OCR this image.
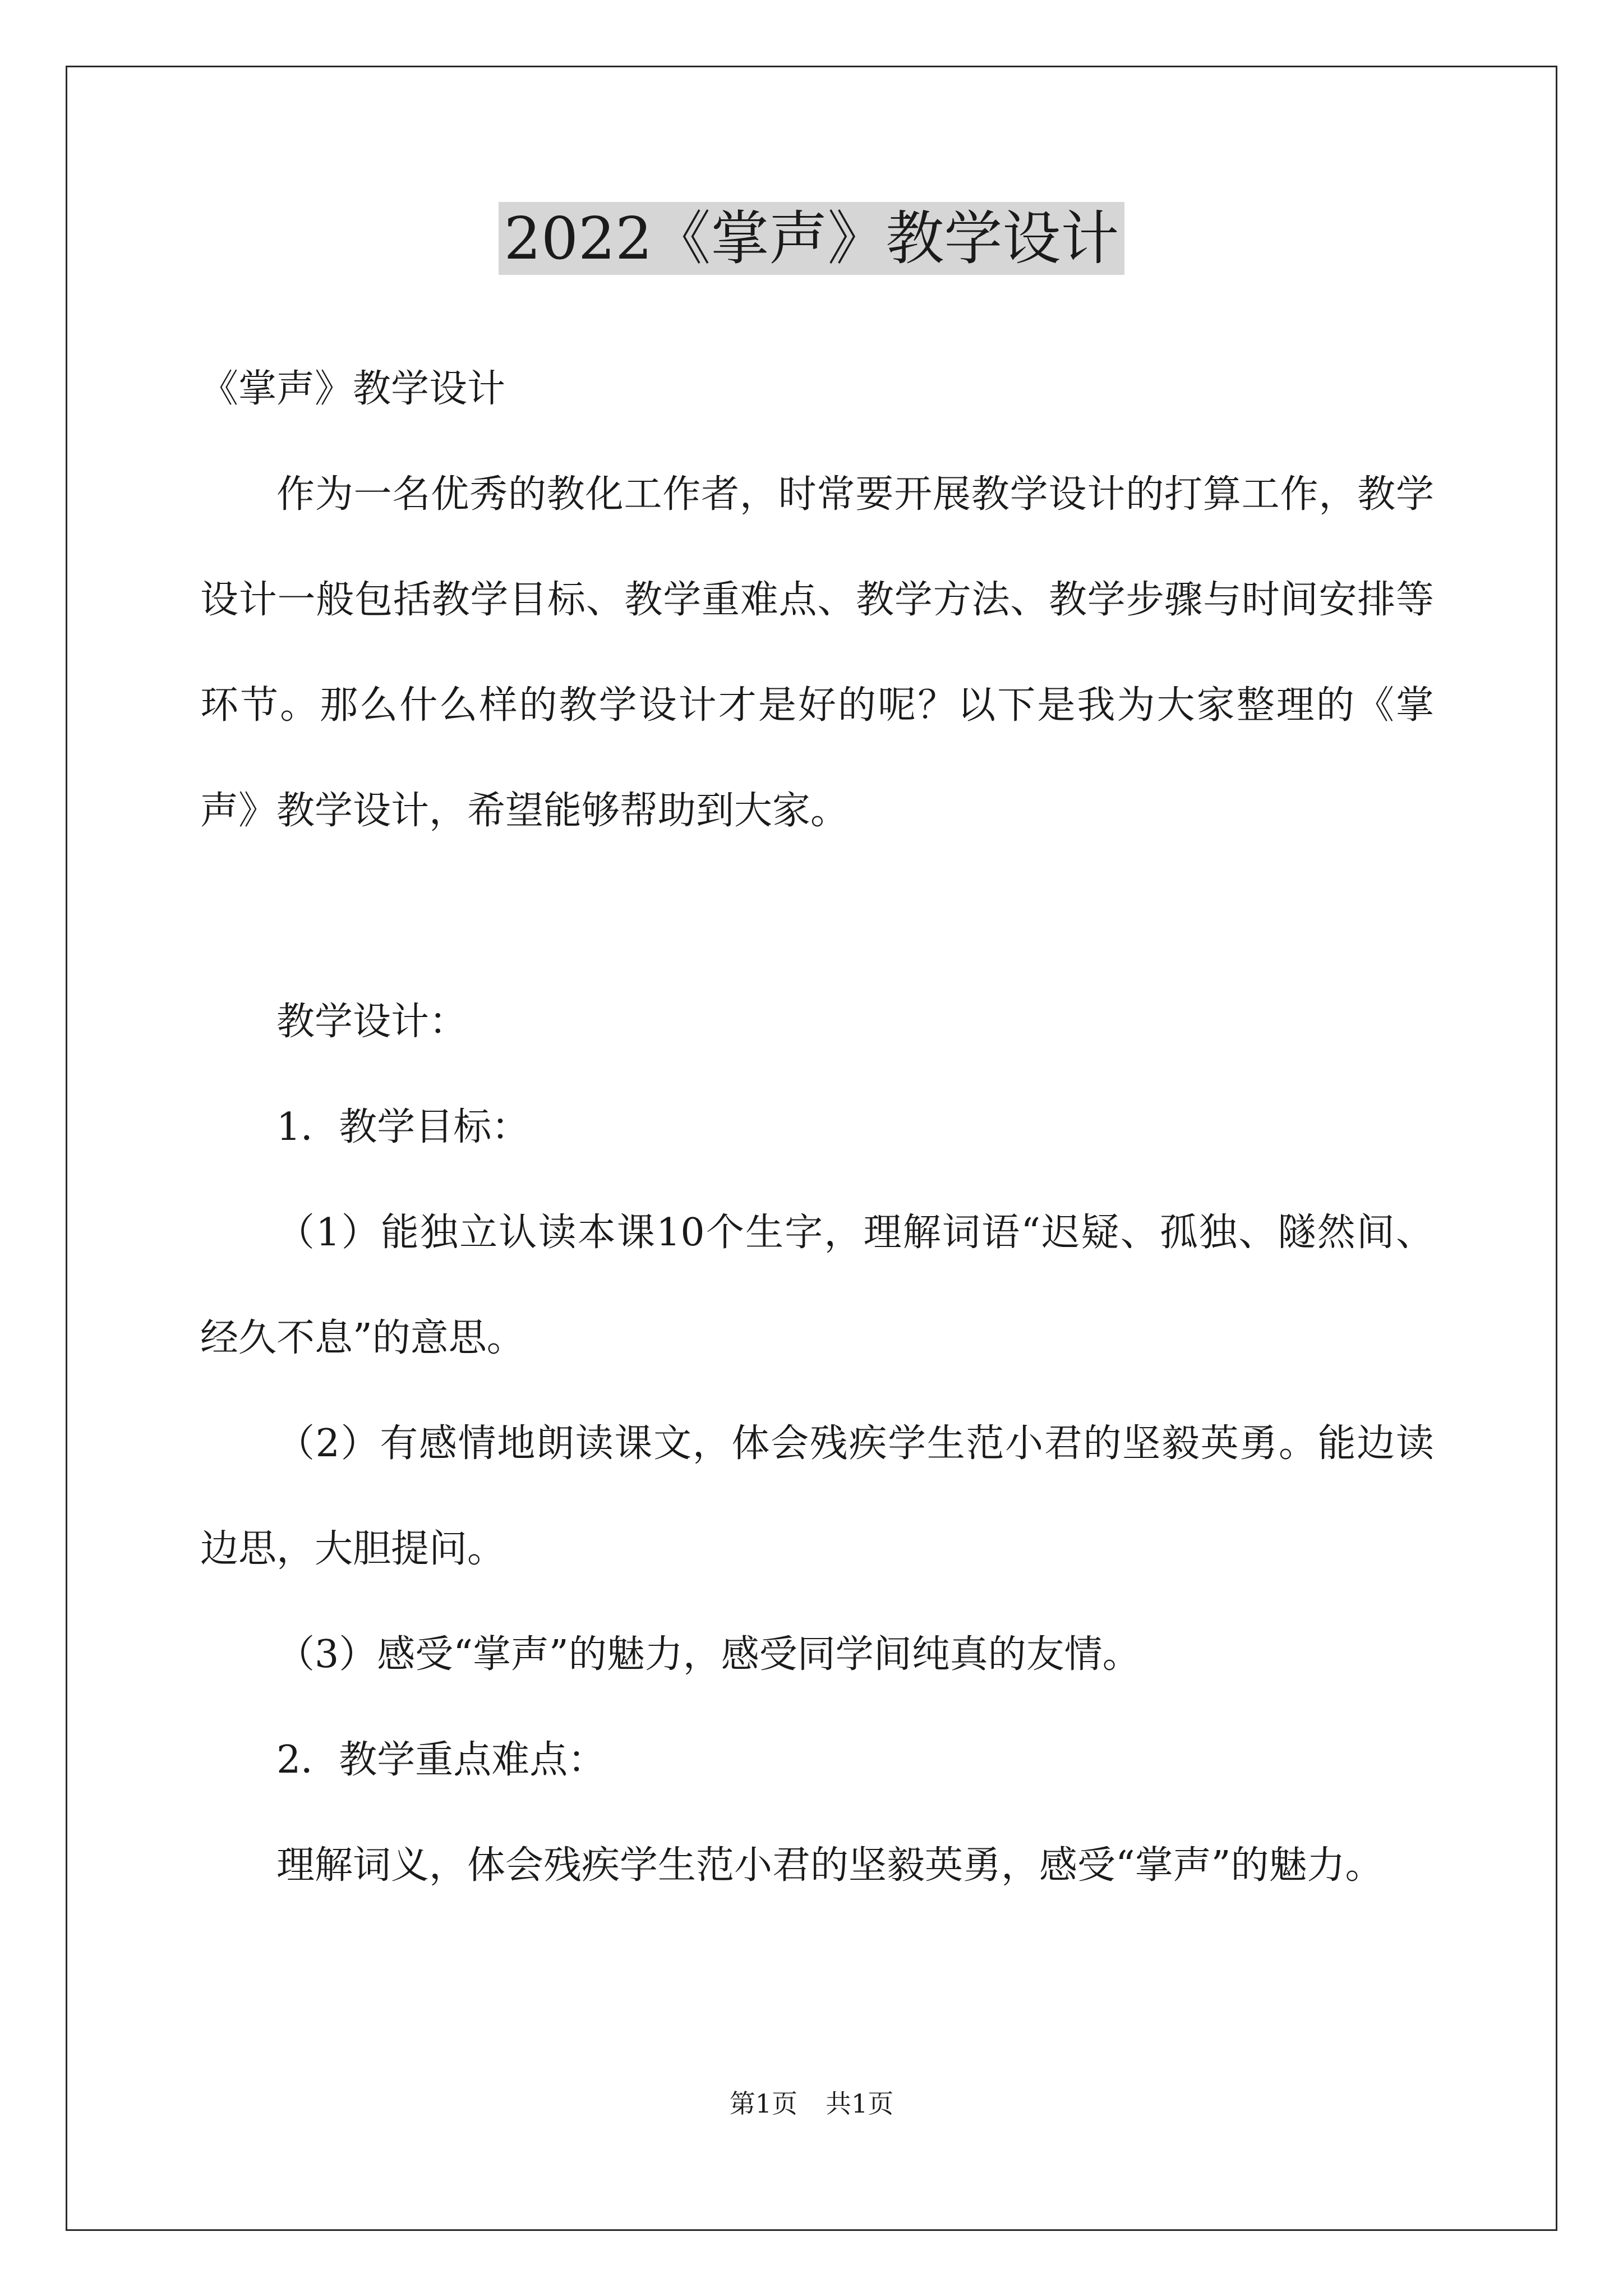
2022《掌声》教学设计

《掌声》教学设计

作为一名优秀的教化工作者，时常要开展教学设计的打算工作，教学设计一般包括教学目标、教学重难点、教学方法、教学步骤与时间安排等环节。那么什么样的教学设计才是好的呢？以下是我为大家整理的《掌声》教学设计，希望能够帮助到大家。

教学设计：

1．教学目标：

（1）能独立认读本课10个生字，理解词语“迟疑、孤独、隧然间、经久不息”的意思。

（2）有感情地朗读课文，体会残疾学生范小君的坚毅英勇。能边读边思，大胆提问。

（3）感受“掌声”的魅力，感受同学间纯真的友情。

2．教学重点难点：

理解词义，体会残疾学生范小君的坚毅英勇，感受“掌声”的魅力。

第1页 共1页
